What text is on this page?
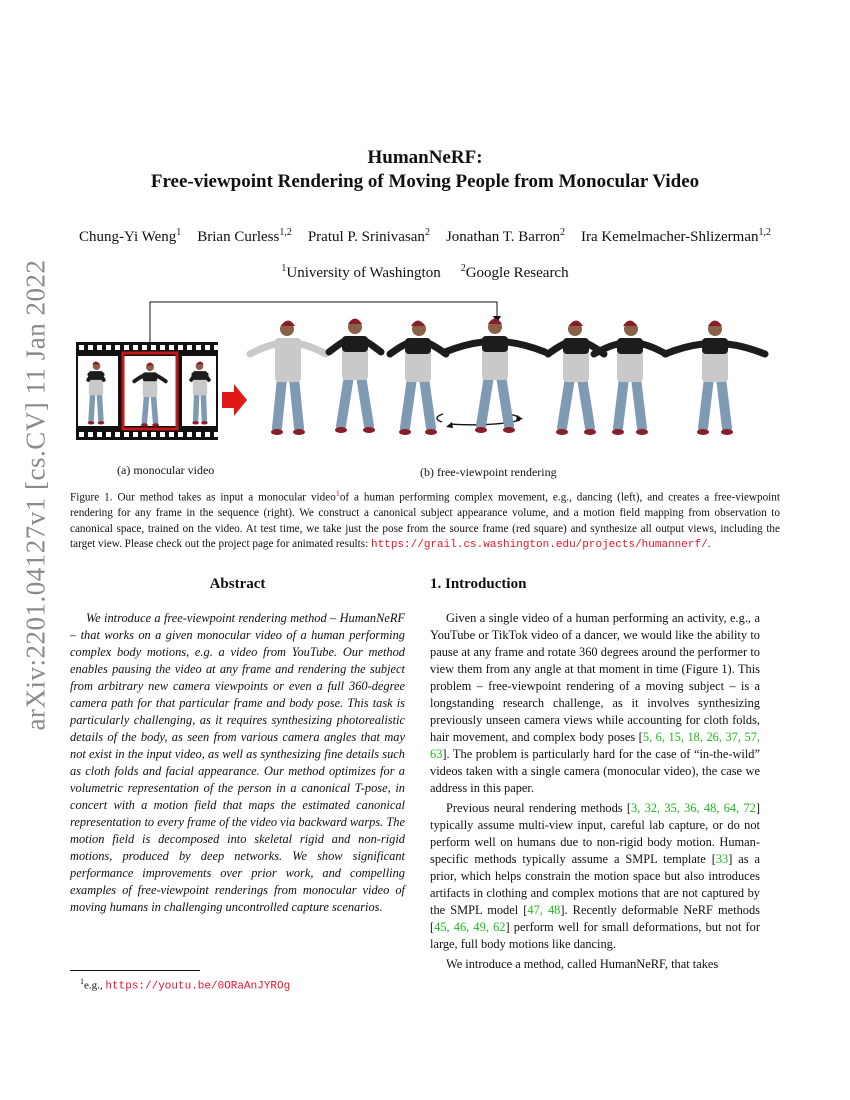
arXiv:2201.04127v1 [cs.CV] 11 Jan 2022
HumanNeRF:
Free-viewpoint Rendering of Moving People from Monocular Video
Chung-Yi Weng$^1$ Brian Curless$^{1,2}$ Pratul P. Srinivasan$^2$ Jonathan T. Barron$^2$ Ira Kemelmacher-Shlizerman$^{1,2}$
$^1$University of Washington $^2$Google Research
(a) monocular video	(b) free-viewpoint rendering
Figure 1. Our method takes as input a monocular video$^1$of a human performing complex movement, e.g., dancing (left), and creates a free-viewpoint rendering for any frame in the sequence (right). We construct a canonical subject appearance volume, and a motion field mapping from observation to canonical space, trained on the video. At test time, we take just the pose from the source frame (red square) and synthesize all output views, including the target view. Please check out the project page for animated results: https://grail.cs.washington.edu/projects/humannerf/.
Abstract

We introduce a free-viewpoint rendering method – HumanNeRF – that works on a given monocular video of a human performing complex body motions, e.g. a video from YouTube. Our method enables pausing the video at any frame and rendering the subject from arbitrary new camera viewpoints or even a full 360-degree camera path for that particular frame and body pose. This task is particularly challenging, as it requires synthesizing photorealistic details of the body, as seen from various camera angles that may not exist in the input video, as well as synthesizing fine details such as cloth folds and facial appearance. Our method optimizes for a volumetric representation of the person in a canonical T-pose, in concert with a motion field that maps the estimated canonical representation to every frame of the video via backward warps. The motion field is decomposed into skeletal rigid and non-rigid motions, produced by deep networks. We show significant performance improvements over prior work, and compelling examples of free-viewpoint renderings from monocular video of moving humans in challenging uncontrolled capture scenarios.

$^1$e.g., https://youtu.be/0ORaAnJYROg
1. Introduction

Given a single video of a human performing an activity, e.g., a YouTube or TikTok video of a dancer, we would like the ability to pause at any frame and rotate 360 degrees around the performer to view them from any angle at that moment in time (Figure 1). This problem – free-viewpoint rendering of a moving subject – is a longstanding research challenge, as it involves synthesizing previously unseen camera views while accounting for cloth folds, hair movement, and complex body poses [5, 6, 15, 18, 26, 37, 57, 63]. The problem is particularly hard for the case of “in-the-wild” videos taken with a single camera (monocular video), the case we address in this paper.

Previous neural rendering methods [3, 32, 35, 36, 48, 64, 72] typically assume multi-view input, careful lab capture, or do not perform well on humans due to non-rigid body motion. Human-specific methods typically assume a SMPL template [33] as a prior, which helps constrain the motion space but also introduces artifacts in clothing and complex motions that are not captured by the SMPL model [47, 48]. Recently deformable NeRF methods [45, 46, 49, 62] perform well for small deformations, but not for large, full body motions like dancing.

We introduce a method, called HumanNeRF, that takes
